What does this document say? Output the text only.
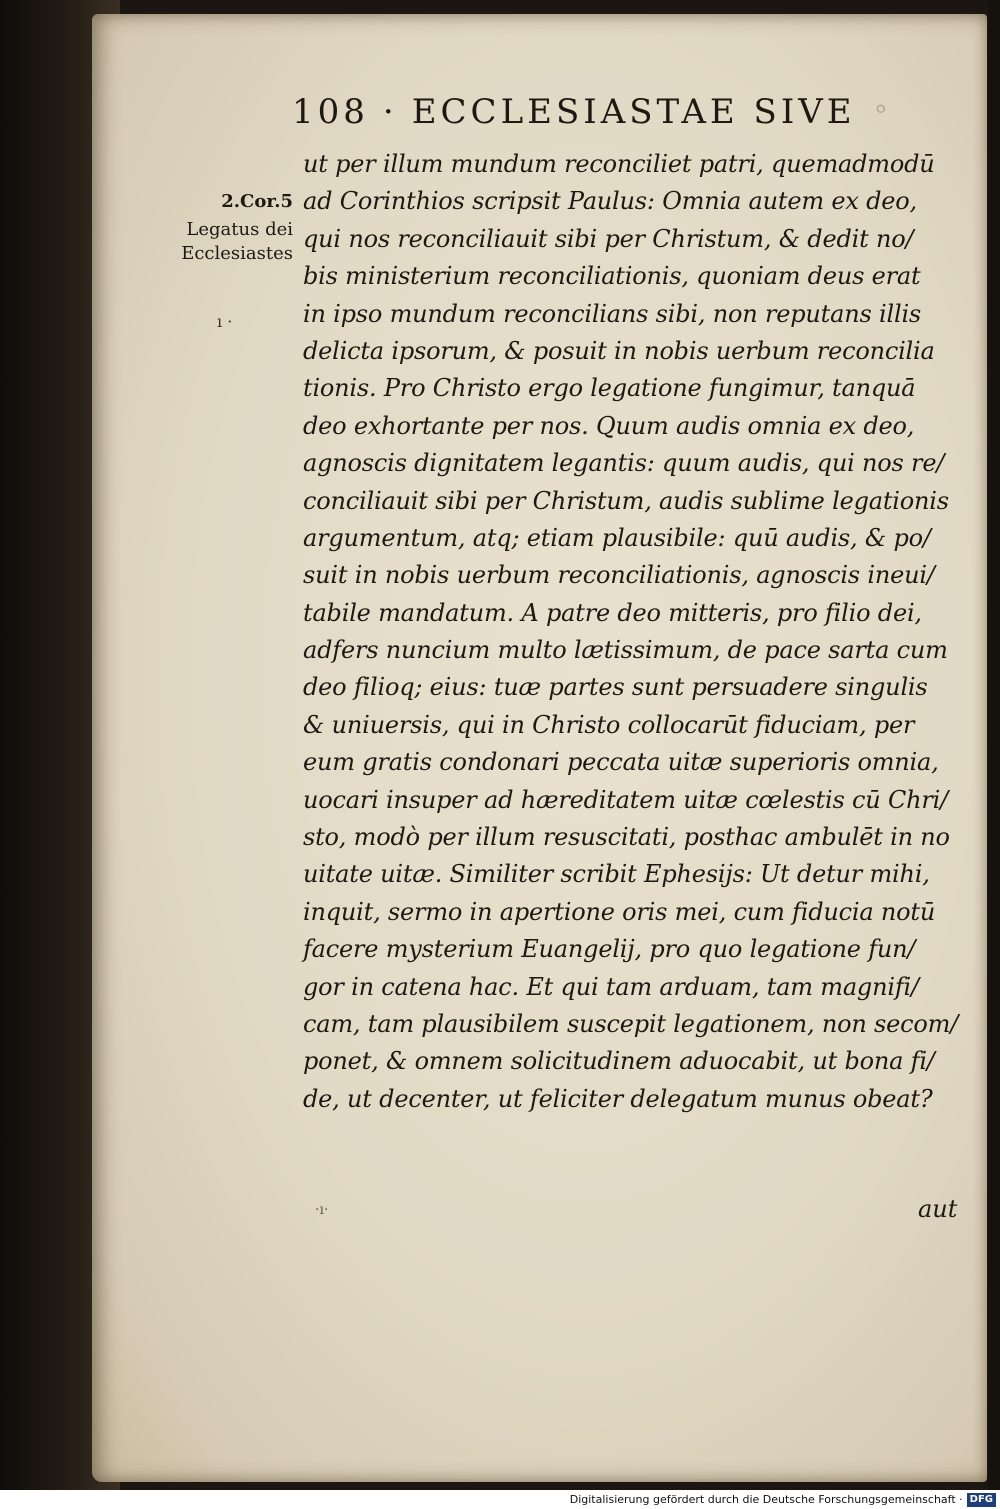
108 · ECCLESIASTAE SIVE ∘
2.Cor.5
Legatus dei
Ecclesiastes
ı ·
ut per illum mundum reconciliet patri, quemadmodū
ad Corinthios scripsit Paulus: Omnia autem ex deo,
qui nos reconciliauit sibi per Christum, & dedit no/
bis ministerium reconciliationis, quoniam deus erat
in ipso mundum reconcilians sibi, non reputans illis
delicta ipsorum, & posuit in nobis uerbum reconcilia
tionis. Pro Christo ergo legatione fungimur, tanquā
deo exhortante per nos. Quum audis omnia ex deo,
agnoscis dignitatem legantis: quum audis, qui nos re/
conciliauit sibi per Christum, audis sublime legationis
argumentum, atq; etiam plausibile: quū audis, & po/
suit in nobis uerbum reconciliationis, agnoscis ineui/
tabile mandatum. A patre deo mitteris, pro filio dei,
adfers nuncium multo lætissimum, de pace sarta cum
deo filioq; eius: tuæ partes sunt persuadere singulis
& uniuersis, qui in Christo collocarūt fiduciam, per
eum gratis condonari peccata uitæ superioris omnia,
uocari insuper ad hæreditatem uitæ cœlestis cū Chri/
sto, modò per illum resuscitati, posthac ambulēt in no
uitate uitæ. Similiter scribit Ephesijs: Ut detur mihi,
inquit, sermo in apertione oris mei, cum fiducia notū
facere mysterium Euangelij, pro quo legatione fun/
gor in catena hac. Et qui tam arduam, tam magnifi/
cam, tam plausibilem suscepit legationem, non secom/
ponet, & omnem solicitudinem aduocabit, ut bona fi/
de, ut decenter, ut feliciter delegatum munus obeat?
·ı·	aut
Digitalisierung gefördert durch die Deutsche Forschungsgemeinschaft · DFG
